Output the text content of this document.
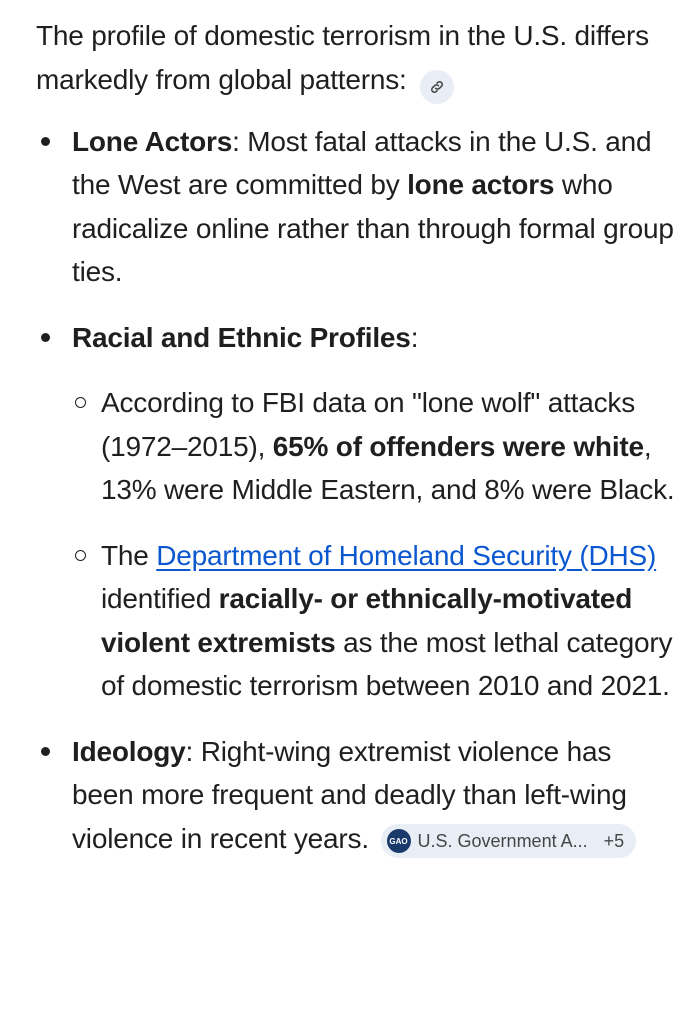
The profile of domestic terrorism in the U.S. differs markedly from global patterns:

Lone Actors: Most fatal attacks in the U.S. and the West are committed by lone actors who radicalize online rather than through formal group ties.
Racial and Ethnic Profiles:
According to FBI data on "lone wolf" attacks (1972–2015), 65% of offenders were white, 13% were Middle Eastern, and 8% were Black.
The Department of Homeland Security (DHS) identified racially- or ethnically-motivated violent extremists as the most lethal category of domestic terrorism between 2010 and 2021.
Ideology: Right-wing extremist violence has been more frequent and deadly than left-wing violence in recent years.	GAO U.S. Government A... +5
